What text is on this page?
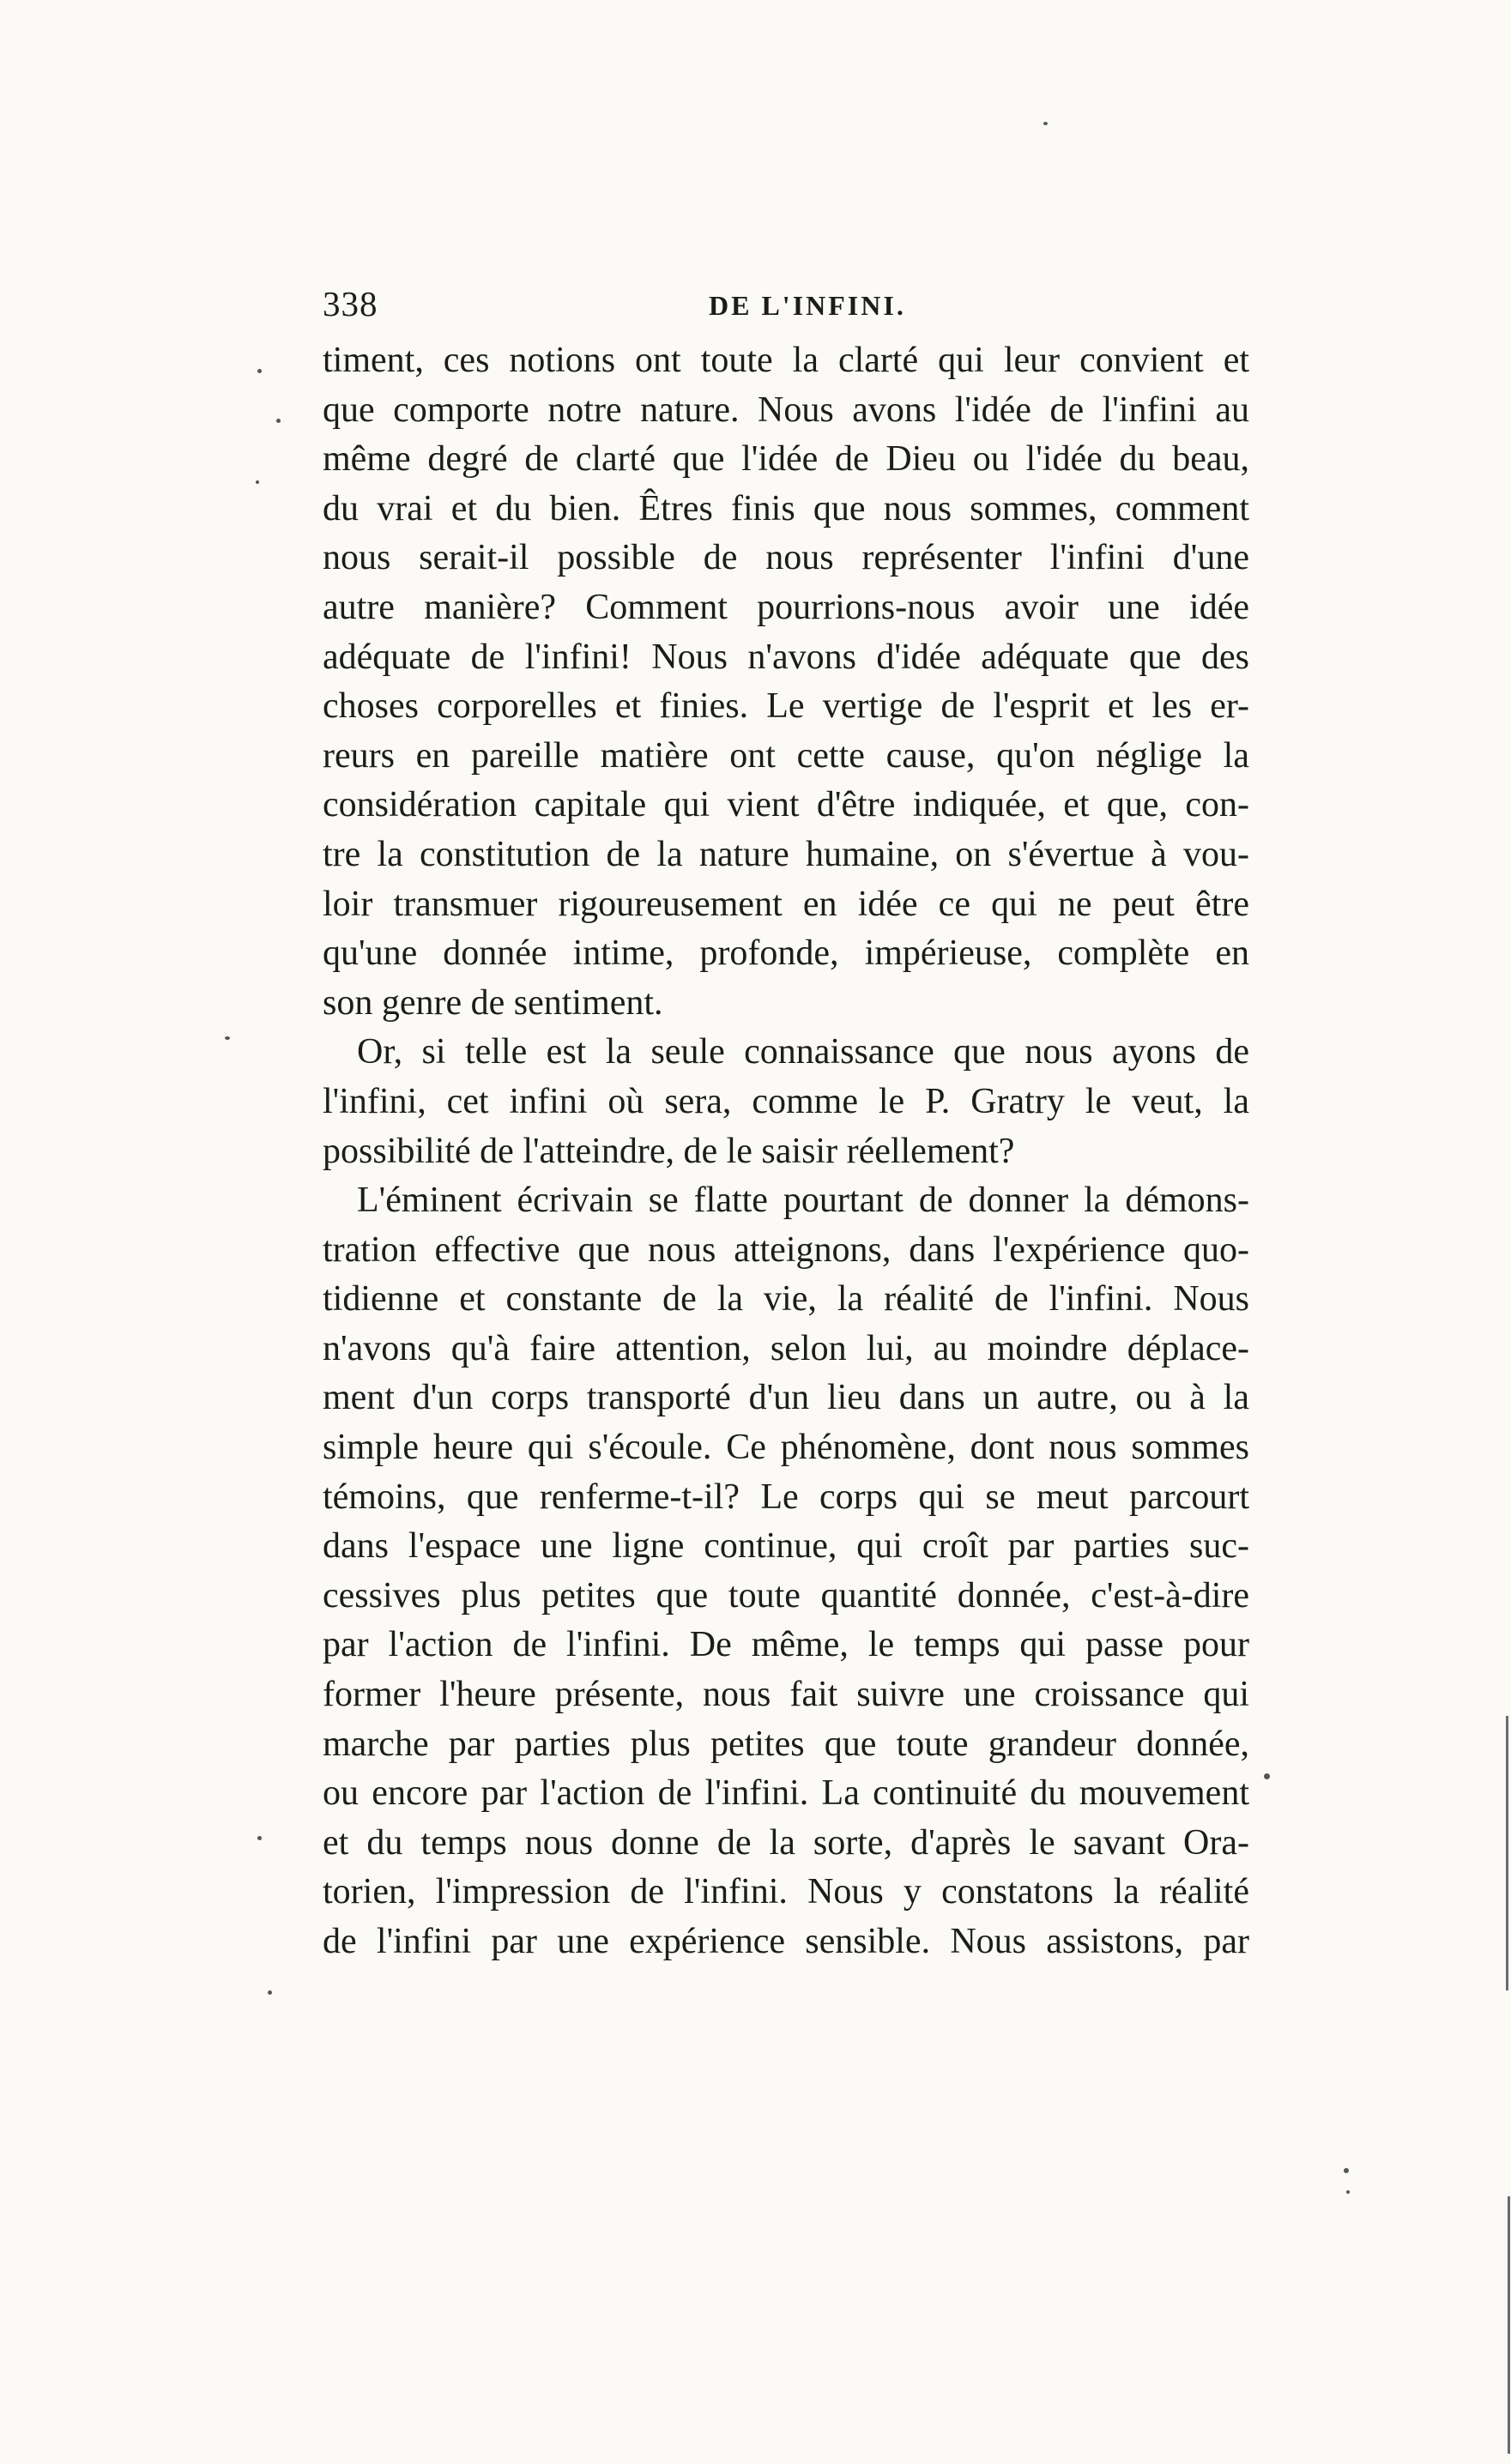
338	DE L'INFINI.

timent, ces notions ont toute la clarté qui leur convient et
que comporte notre nature. Nous avons l'idée de l'infini au
même degré de clarté que l'idée de Dieu ou l'idée du beau,
du vrai et du bien. Êtres finis que nous sommes, comment
nous serait-il possible de nous représenter l'infini d'une
autre manière? Comment pourrions-nous avoir une idée
adéquate de l'infini! Nous n'avons d'idée adéquate que des
choses corporelles et finies. Le vertige de l'esprit et les er-
reurs en pareille matière ont cette cause, qu'on néglige la
considération capitale qui vient d'être indiquée, et que, con-
tre la constitution de la nature humaine, on s'évertue à vou-
loir transmuer rigoureusement en idée ce qui ne peut être
qu'une donnée intime, profonde, impérieuse, complète en
son genre de sentiment.

Or, si telle est la seule connaissance que nous ayons de
l'infini, cet infini où sera, comme le P. Gratry le veut, la
possibilité de l'atteindre, de le saisir réellement?

L'éminent écrivain se flatte pourtant de donner la démons-
tration effective que nous atteignons, dans l'expérience quo-
tidienne et constante de la vie, la réalité de l'infini. Nous
n'avons qu'à faire attention, selon lui, au moindre déplace-
ment d'un corps transporté d'un lieu dans un autre, ou à la
simple heure qui s'écoule. Ce phénomène, dont nous sommes
témoins, que renferme-t-il? Le corps qui se meut parcourt
dans l'espace une ligne continue, qui croît par parties suc-
cessives plus petites que toute quantité donnée, c'est-à-dire
par l'action de l'infini. De même, le temps qui passe pour
former l'heure présente, nous fait suivre une croissance qui
marche par parties plus petites que toute grandeur donnée,
ou encore par l'action de l'infini. La continuité du mouvement
et du temps nous donne de la sorte, d'après le savant Ora-
torien, l'impression de l'infini. Nous y constatons la réalité
de l'infini par une expérience sensible. Nous assistons, par
